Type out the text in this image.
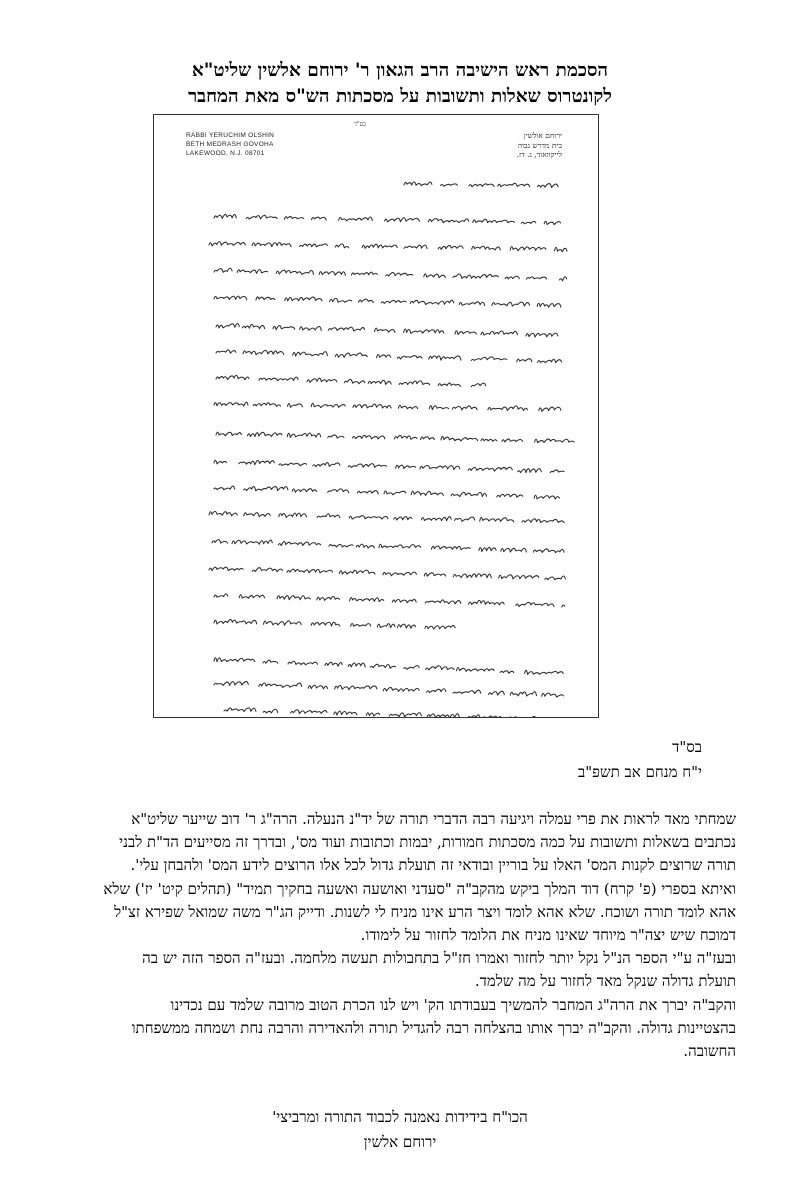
הסכמת ראש הישיבה הרב הגאון ר' ירוחם אלשין שליט"א
לקונטרוס שאלות ותשובות על מסכתות הש"ס מאת המחבר
בס"ד
RABBI YERUCHIM OLSHIN
BETH MEDRASH GOVOHA
LAKEWOOD, N.J. 08701
ירוחם אולשין
בית מדרש גבוה
לייקוואוד, נ. דז.
בס"ד
י"ח מנחם אב תשפ"ב
שמחתי מאד לראות את פרי עמלה ויגיעה רבה הדברי תורה של יד"נ הנעלה. הרה"ג ר' דוב שייער שליט"א
נכתבים בשאלות ותשובות על כמה מסכתות חמורות, יבמות וכתובות ועוד מס', ובדרך זה מסייעים הד"ת לבני
תורה שרוצים לקנות המס' האלו על בוריין ובודאי זה תועלת גדול לכל אלו הרוצים לידע המס' ולהבחן עלי'.
ואיתא בספרי (פ' קרח) דוד המלך ביקש מהקב"ה "סעדני ואושעה ואשעה בחקיך תמיד" (תהלים קיט' יז') שלא
אהא לומד תורה ושוכח. שלא אהא לומד ויצר הרע אינו מניח לי לשנות. ודייק הג"ר משה שמואל שפירא זצ"ל
דמוכח שיש יצה"ר מיוחד שאינו מניח את הלומד לחזור על לימודו.
ובעז"ה ע"י הספר הנ"ל נקל יותר לחזור ואמרו חז"ל בתחבולות תעשה מלחמה. ובעז"ה הספר הזה יש בה
תועלת גדולה שנקל מאד לחזור על מה שלמד.
והקב"ה יברך את הרה"ג המחבר להמשיך בעבודתו הק' ויש לנו הכרת הטוב מרובה שלמד עם נכדינו
בהצטיינות גדולה. והקב"ה יברך אותו בהצלחה רבה להגדיל תורה ולהאדירה והרבה נחת ושמחה ממשפחתו
החשובה.
הכו"ח בידידות נאמנה לכבוד התורה ומרביצי'
ירוחם אלשין
